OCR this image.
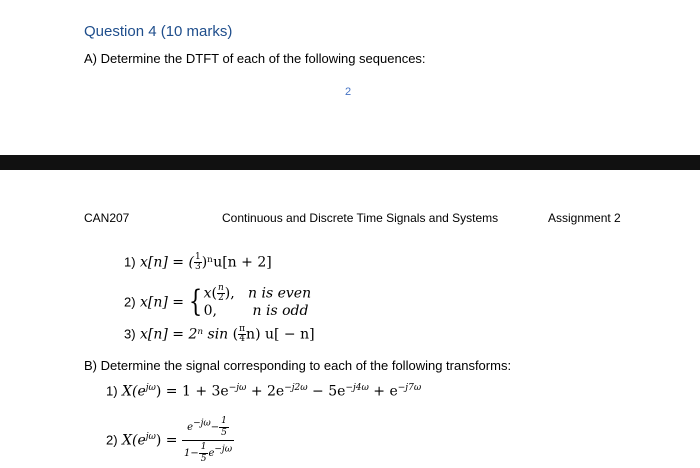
Question 4 (10 marks)

A) Determine the DTFT of each of the following sequences:

2
CAN207	Continuous and Discrete Time Signals and Systems	Assignment 2
1) x[n] = ( $\frac{1}{3} )^nu[n + 2]$
2) x[n] = { $x( \frac{n}{2}$ ),   n is even
0,	n is odd
3) x[n] = 2ⁿ sin ( $\frac{\pi}{4} n$) u[ − n]

B) Determine the signal corresponding to each of the following transforms:

1) $X(e^{j\omega}) = 1 + 3e^{-j\omega} + 2e^{-j2\omega} - 5e^{-j4\omega} + e^{-j7\omega}$
2) $X(e^{j\omega}) = \frac{e^{-j\omega}- \frac{1}{5}}{1- \frac{1}{5} e^{-j\omega}}$
